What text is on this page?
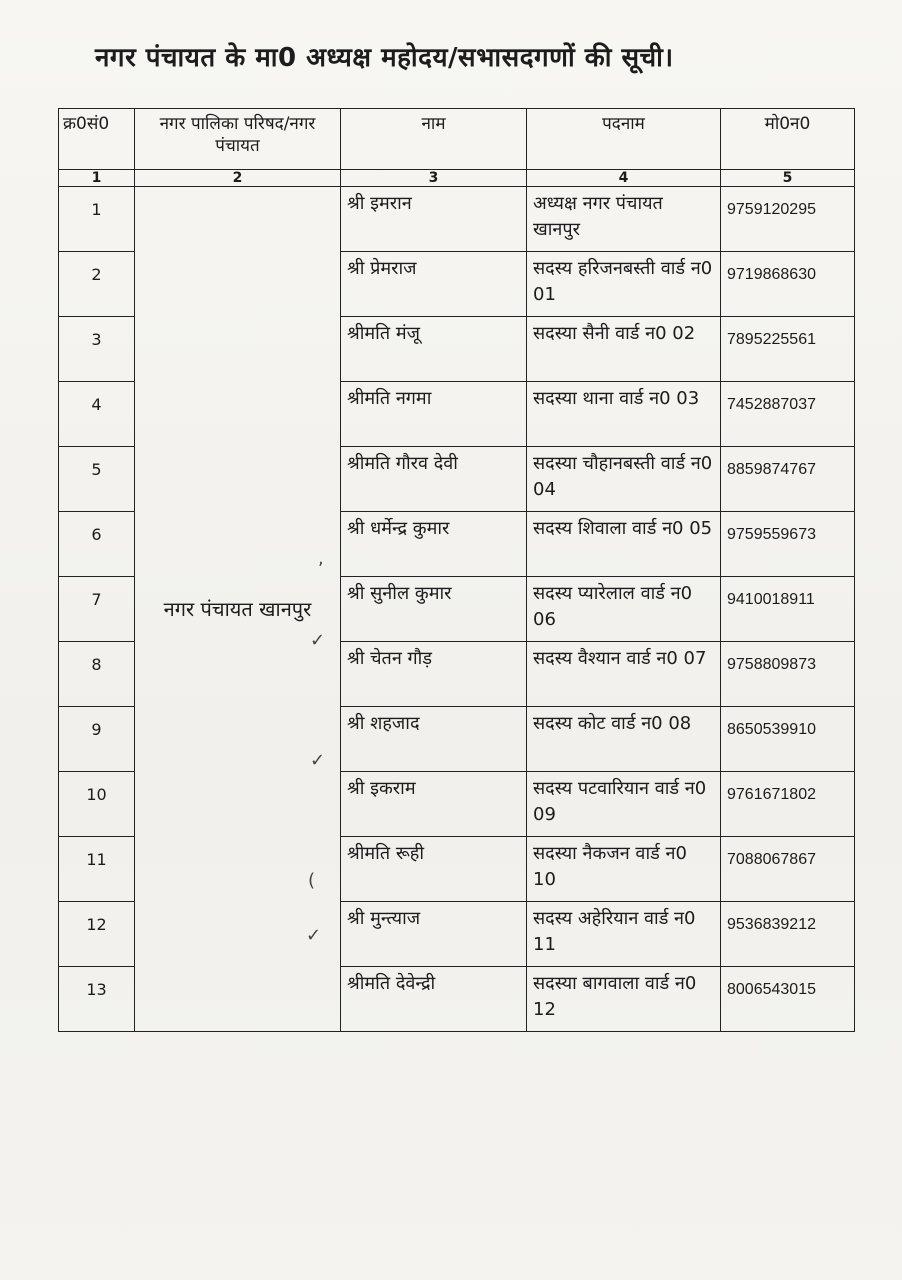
नगर पंचायत के मा0 अध्यक्ष महोदय/सभासदगणों की सूची।
क्र0सं0	नगर पालिका परिषद/नगर पंचायत	नाम	पदनाम	मो0न0
1	2	3	4	5
1	नगर पंचायत खानपुर	श्री इमरान	अध्यक्ष नगर पंचायत खानपुर	9759120295
2		श्री प्रेमराज	सदस्य हरिजनबस्ती वार्ड न0 01	9719868630
3		श्रीमति मंजू	सदस्या सैनी वार्ड न0 02	7895225561
4		श्रीमति नगमा	सदस्या थाना वार्ड न0 03	7452887037
5		श्रीमति गौरव देवी	सदस्या चौहानबस्ती वार्ड न0 04	8859874767
6		श्री धर्मेन्द्र कुमार	सदस्य शिवाला वार्ड न0 05	9759559673
7		श्री सुनील कुमार	सदस्य प्यारेलाल वार्ड न0 06	9410018911
8		श्री चेतन गौड़	सदस्य वैश्यान वार्ड न0 07	9758809873
9		श्री शहजाद	सदस्य कोट वार्ड न0 08	8650539910
10		श्री इकराम	सदस्य पटवारियान वार्ड न0 09	9761671802
11		श्रीमति रूही	सदस्या नैकजन वार्ड न0 10	7088067867
12		श्री मुन्त्याज	सदस्य अहेरियान वार्ड न0 11	9536839212
13		श्रीमति देवेन्द्री	सदस्या बागवाला वार्ड न0 12	8006543015
,
✓
✓
(
✓
